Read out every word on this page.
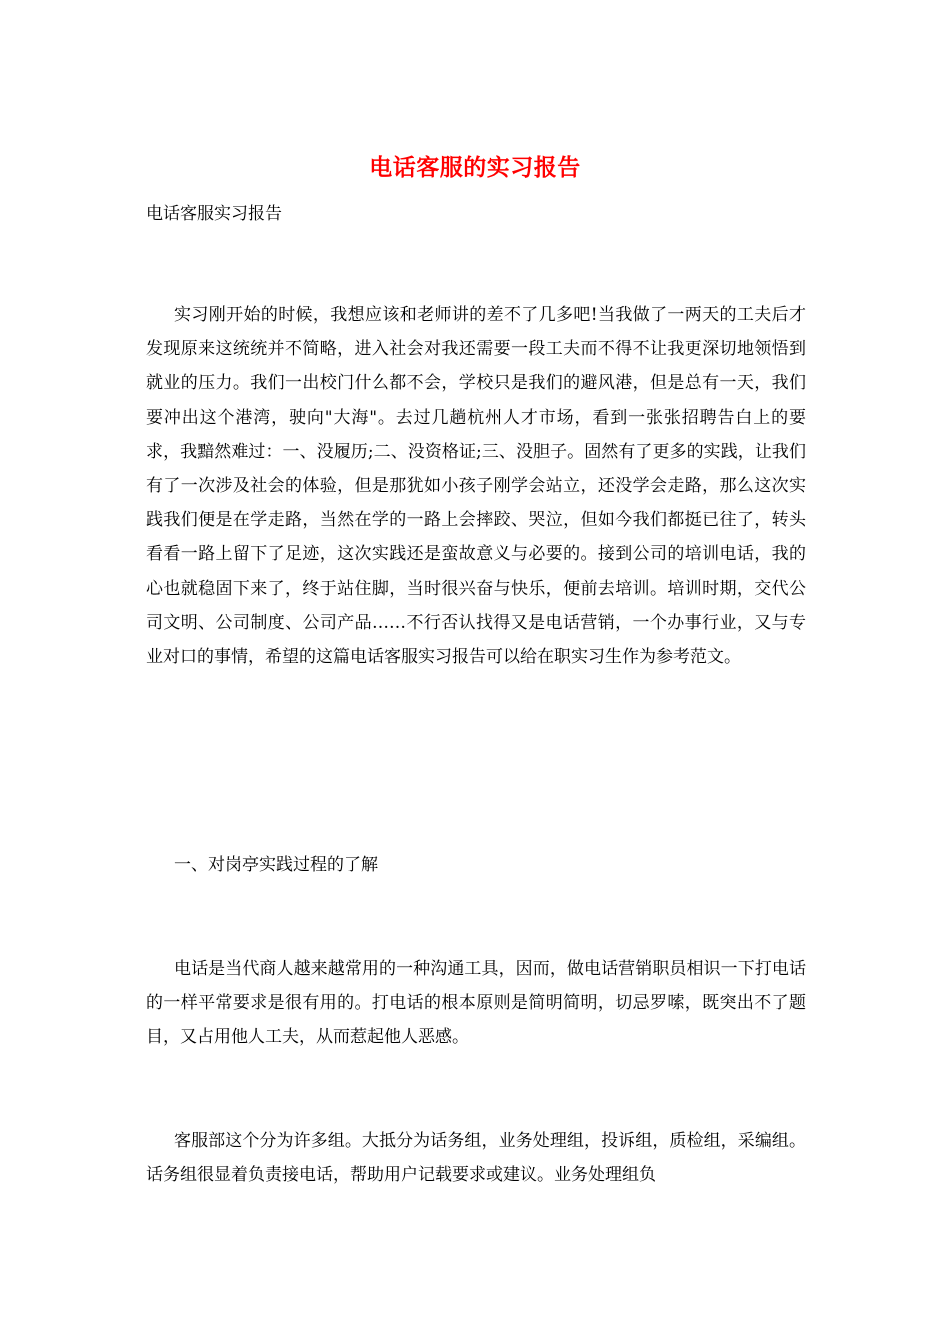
电话客服的实习报告
电话客服实习报告

实习刚开始的时候，我想应该和老师讲的差不了几多吧!当我做了一两天的工夫后才发现原来这统统并不简略，进入社会对我还需要一段工夫而不得不让我更深切地领悟到就业的压力。我们一出校门什么都不会，学校只是我们的避风港，但是总有一天，我们要冲出这个港湾，驶向"大海"。去过几趟杭州人才市场，看到一张张招聘告白上的要求，我黯然难过：一、没履历;二、没资格证;三、没胆子。固然有了更多的实践，让我们有了一次涉及社会的体验，但是那犹如小孩子刚学会站立，还没学会走路，那么这次实践我们便是在学走路，当然在学的一路上会摔跤、哭泣，但如今我们都挺已往了，转头看看一路上留下了足迹，这次实践还是蛮故意义与必要的。接到公司的培训电话，我的心也就稳固下来了，终于站住脚，当时很兴奋与快乐，便前去培训。培训时期，交代公司文明、公司制度、公司产品……不行否认找得又是电话营销，一个办事行业，又与专业对口的事情，希望的这篇电话客服实习报告可以给在职实习生作为参考范文。

一、对岗亭实践过程的了解

电话是当代商人越来越常用的一种沟通工具，因而，做电话营销职员相识一下打电话的一样平常要求是很有用的。打电话的根本原则是简明简明，切忌罗嗦，既突出不了题目，又占用他人工夫，从而惹起他人恶感。

客服部这个分为许多组。大抵分为话务组，业务处理组，投诉组，质检组，采编组。话务组很显着负责接电话，帮助用户记载要求或建议。业务处理组负
